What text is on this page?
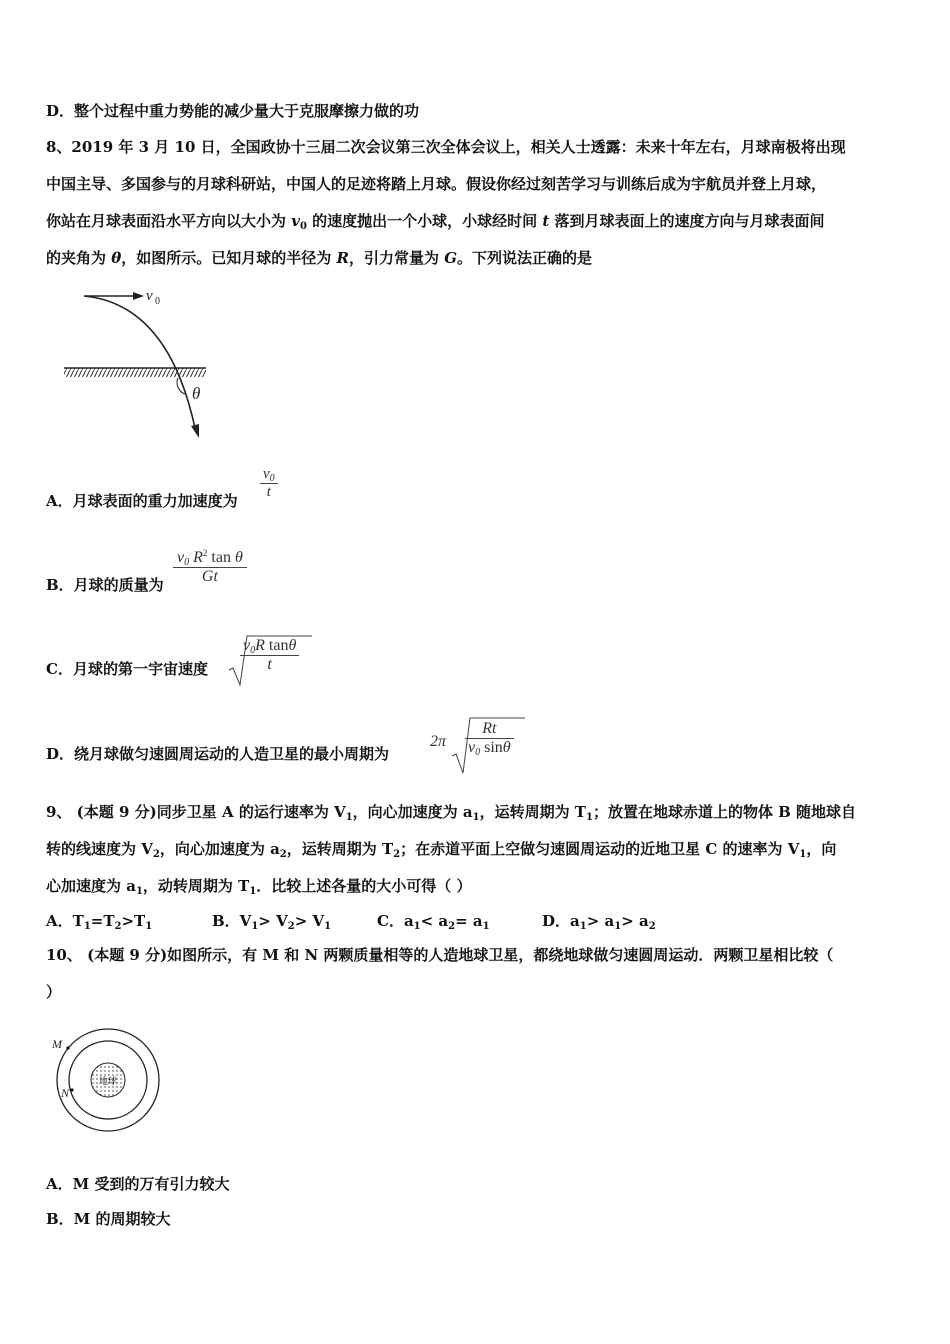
D．整个过程中重力势能的减少量大于克服摩擦力做的功
8、2019 年 3 月 10 日，全国政协十三届二次会议第三次全体会议上，相关人士透露：未来十年左右，月球南极将出现
中国主导、多国参与的月球科研站，中国人的足迹将踏上月球。假设你经过刻苦学习与训练后成为宇航员并登上月球，
你站在月球表面沿水平方向以大小为 $v_0$ 的速度抛出一个小球，小球经时间 t 落到月球表面上的速度方向与月球表面间
的夹角为 θ，如图所示。已知月球的半径为 R，引力常量为 G。下列说法正确的是
v 0
θ
A．月球表面的重力加速度为 $\frac{v_0}{t}$
B．月球的质量为 $\frac{v_0 R^2 \tan \theta}{Gt}$
C．月球的第一宇宙速度 $\frac{v_0R \tan\theta}{t}$
D．绕月球做匀速圆周运动的人造卫星的最小周期为
$2\pi \frac{Rt}{v_0 \sin\theta}$
9、 (本题 9 分)同步卫星 A 的运行速率为 $V_1$，向心加速度为 $a_1$，运转周期为 $T_1$；放置在地球赤道上的物体 B 随地球自
转的线速度为 $V_2$，向心加速度为 $a_2$，运转周期为 $T_2$；在赤道平面上空做匀速圆周运动的近地卫星 C 的速率为 $V_1$，向
心加速度为 $a_1$，动转周期为 $T_1$．比较上述各量的大小可得（ ）
A．$T_1=T_2>T_1$	B．$V_1> V_2> V_1$	C．$a_1< a_2= a_1$	D．$a_1> a_1> a_2$
10、 (本题 9 分)如图所示，有 M 和 N 两颗质量相等的人造地球卫星，都绕地球做匀速圆周运动．两颗卫星相比较（
）
地球
M
N
A．M 受到的万有引力较大
B．M 的周期较大
